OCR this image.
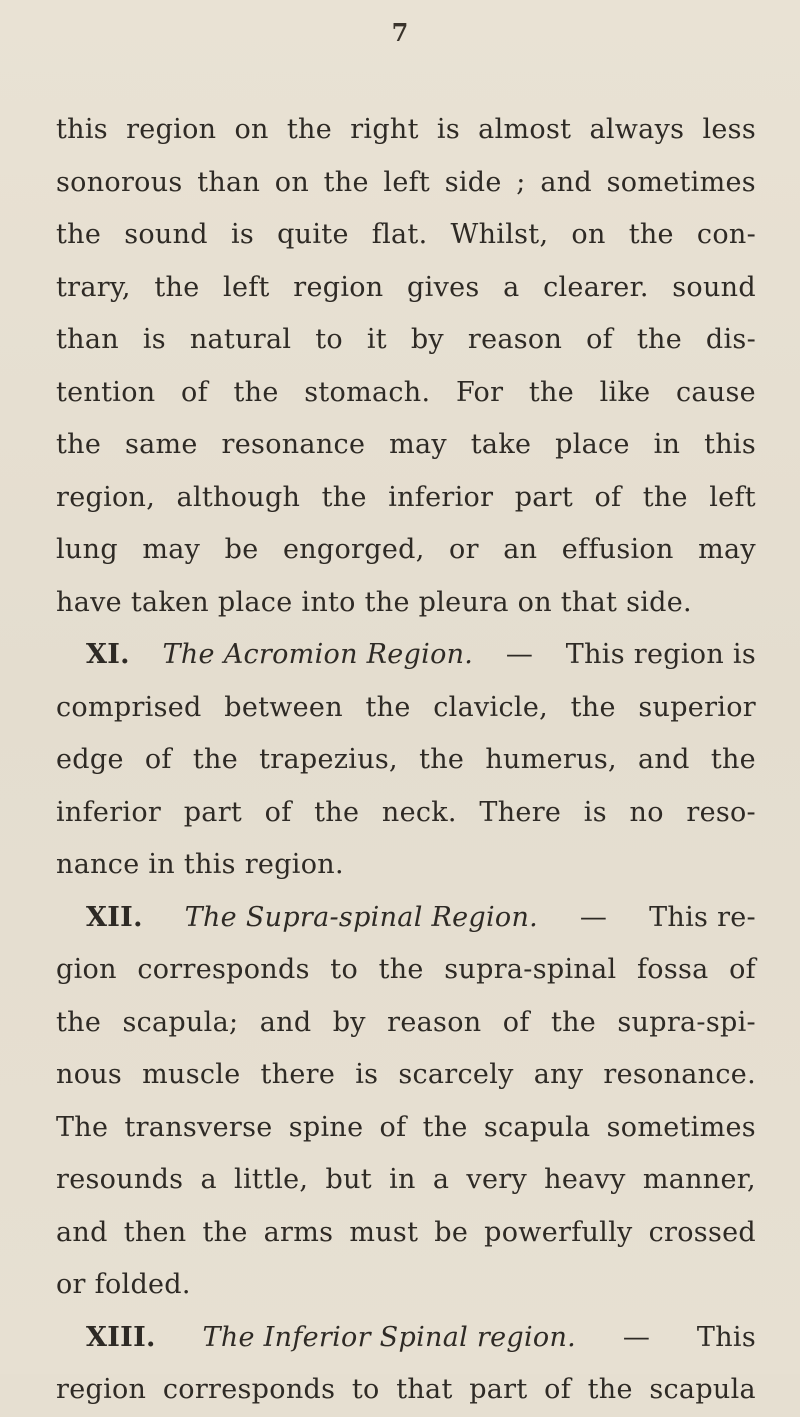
7
this region on the right is almost always less
sonorous than on the left side ; and sometimes
the sound is quite flat. Whilst, on the con-
trary, the left region gives a clearer. sound
than is natural to it by reason of the dis-
tention of the stomach. For the like cause
the same resonance may take place in this
region, although the inferior part of the left
lung may be engorged, or an effusion may
have
taken
place
into
the
pleura
on
that
side.
XI. The Acromion Region. — This region is
comprised between the clavicle, the superior
edge of the trapezius, the humerus, and the
inferior part of the neck. There is no reso-
nance
in
this
region.
XII. The Supra-spinal Region. — This re-
gion corresponds to the supra-spinal fossa of
the scapula; and by reason of the supra-spi-
nous muscle there is scarcely any resonance.
The transverse spine of the scapula sometimes
resounds a little, but in a very heavy manner,
and then the arms must be powerfully crossed
or
folded.
XIII. The Inferior Spinal region. — This
region corresponds to that part of the scapula
